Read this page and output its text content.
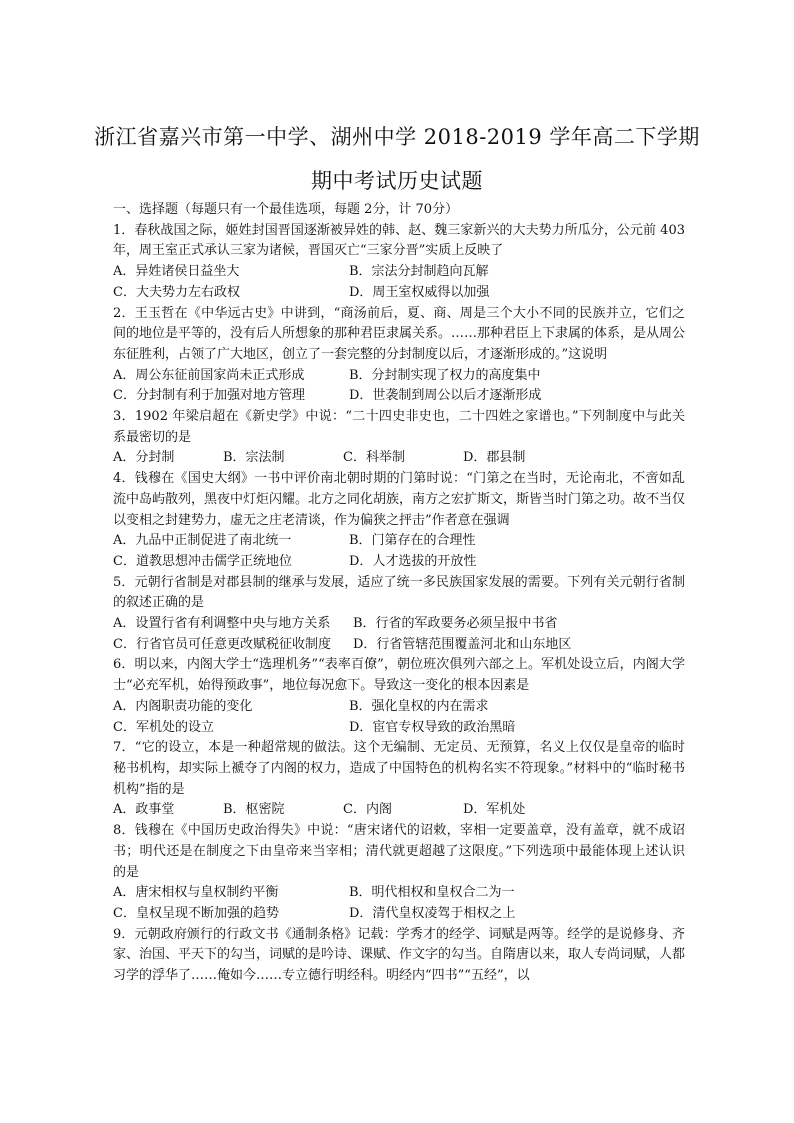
浙江省嘉兴市第一中学、湖州中学 2018-2019 学年高二下学期
期中考试历史试题

一、选择题（每题只有一个最佳选项，每题 2分，计 70分）

1．春秋战国之际，姬姓封国晋国逐渐被异姓的韩、赵、魏三家新兴的大夫势力所瓜分，公元前 403年，周王室正式承认三家为诸候，晋国灭亡“三家分晋”实质上反映了

A．异姓诸侯日益坐大	B．宗法分封制趋向瓦解
C．大夫势力左右政权	D．周王室权威得以加强

2．王玉哲在《中华远古史》中讲到，“商汤前后，夏、商、周是三个大小不同的民族并立，它们之间的地位是平等的，没有后人所想象的那种君臣隶属关系。……那种君臣上下隶属的体系，是从周公东征胜利，占领了广大地区，创立了一套完整的分封制度以后，才逐渐形成的。”这说明

A．周公东征前国家尚未正式形成	B．分封制实现了权力的高度集中
C．分封制有利于加强对地方管理	D．世袭制到周公以后才逐渐形成

3．1902 年梁启超在《新史学》中说：“二十四史非史也，二十四姓之家谱也。”下列制度中与此关系最密切的是

A．分封制	B．宗法制	C．科举制	D．郡县制

4．钱穆在《国史大纲》一书中评价南北朝时期的门第时说：“门第之在当时，无论南北，不啻如乱流中岛屿散列，黑夜中灯炬闪耀。北方之同化胡族，南方之宏扩斯文，斯皆当时门第之功。故不当仅以变相之封建势力，虚无之庄老清谈，作为偏狭之抨击”作者意在强调

A．九品中正制促进了南北统一	B．门第存在的合理性
C．道教思想冲击儒学正统地位	D．人才选拔的开放性

5．元朝行省制是对郡县制的继承与发展，适应了统一多民族国家发展的需要。下列有关元朝行省制的叙述正确的是

A．设置行省有利调整中央与地方关系	B．行省的军政要务必须呈报中书省
C．行省官员可任意更改赋税征收制度	D．行省管辖范围覆盖河北和山东地区

6．明以来，内阁大学士“选理机务”“表率百僚”，朝位班次俱列六部之上。军机处设立后，内阁大学士“必充军机，始得预政事”，地位每况愈下。导致这一变化的根本因素是

A．内阁职责功能的变化	B．强化皇权的内在需求
C．军机处的设立	D．宦官专权导致的政治黑暗

7．“它的设立，本是一种超常规的做法。这个无编制、无定员、无预算，名义上仅仅是皇帝的临时秘书机构，却实际上褫夺了内阁的权力，造成了中国特色的机构名实不符现象。”材料中的“临时秘书机构”指的是

A．政事堂	B．枢密院	C．内阁	D．军机处

8．钱穆在《中国历史政治得失》中说：“唐宋诸代的诏敕，宰相一定要盖章，没有盖章，就不成诏书；明代还是在制度之下由皇帝来当宰相；清代就更超越了这限度。”下列选项中最能体现上述认识的是

A．唐宋相权与皇权制约平衡	B．明代相权和皇权合二为一
C．皇权呈现不断加强的趋势	D．清代皇权凌驾于相权之上

9．元朝政府颁行的行政文书《通制条格》记载：学秀才的经学、词赋是两等。经学的是说修身、齐家、治国、平天下的勾当，词赋的是吟诗、课赋、作文字的勾当。自隋唐以来，取人专尚词赋，人都习学的浮华了……俺如今……专立德行明经科。明经内“四书”“五经”，以
